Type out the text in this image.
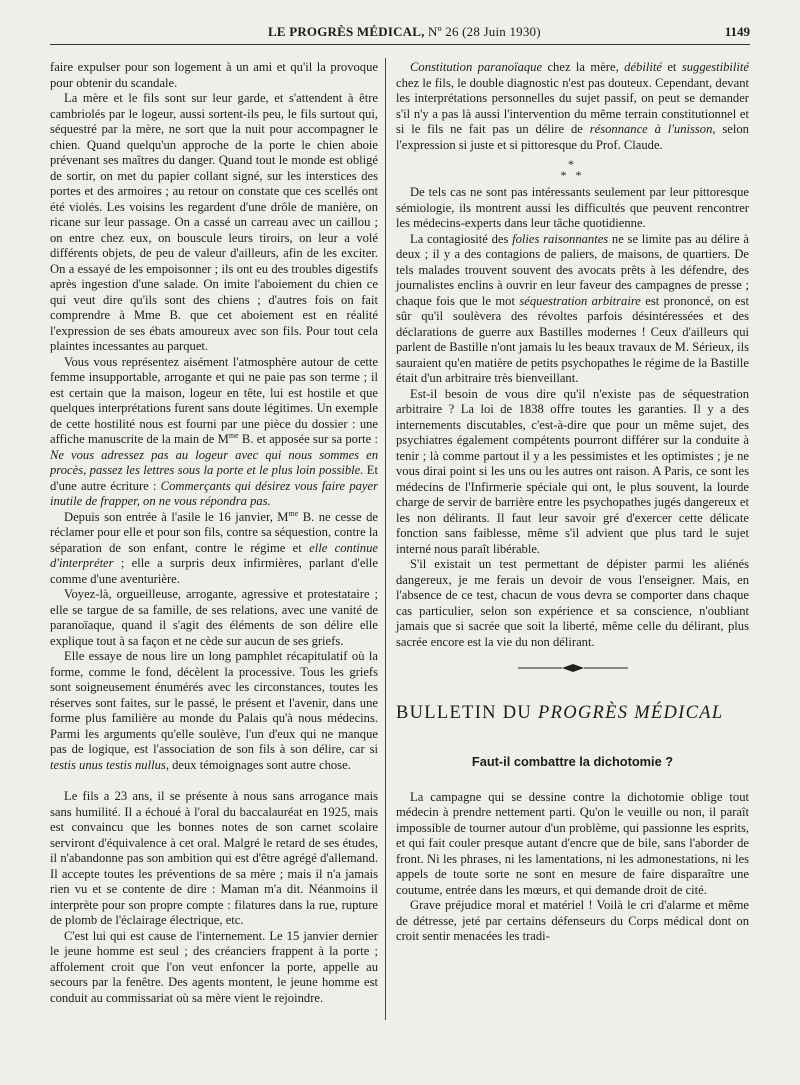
LE PROGRÈS MÉDICAL, Nº 26 (28 Juin 1930)	1149

faire expulser pour son logement à un ami et qu'il la provoque pour obtenir du scandale.

La mère et le fils sont sur leur garde, et s'attendent à être cambriolés par le logeur, aussi sortent-ils peu, le fils surtout qui, séquestré par la mère, ne sort que la nuit pour accompagner le chien. Quand quelqu'un approche de la porte le chien aboie prévenant ses maîtres du danger. Quand tout le monde est obligé de sortir, on met du papier collant signé, sur les interstices des portes et des armoires ; au retour on constate que ces scellés ont été violés. Les voisins les regardent d'une drôle de manière, on ricane sur leur passage. On a cassé un carreau avec un caillou ; on entre chez eux, on bouscule leurs tiroirs, on leur a volé différents objets, de peu de valeur d'ailleurs, afin de les exciter. On a essayé de les empoisonner ; ils ont eu des troubles digestifs après ingestion d'une salade. On imite l'aboiement du chien ce qui veut dire qu'ils sont des chiens ; d'autres fois on fait comprendre à Mme B. que cet aboiement est en réalité l'expression de ses ébats amoureux avec son fils. Pour tout cela plaintes incessantes au parquet.

Vous vous représentez aisément l'atmosphère autour de cette femme insupportable, arrogante et qui ne paie pas son terme ; il est certain que la maison, logeur en tête, lui est hostile et que quelques interprétations furent sans doute légitimes. Un exemple de cette hostilité nous est fourni par une pièce du dossier : une affiche manuscrite de la main de $M^{me}$ B. et apposée sur sa porte : Ne vous adressez pas au logeur avec qui nous sommes en procès, passez les lettres sous la porte et le plus loin possible. Et d'une autre écriture : Commerçants qui désirez vous faire payer inutile de frapper, on ne vous répondra pas.

Depuis son entrée à l'asile le 16 janvier, $M^{me}$ B. ne cesse de réclamer pour elle et pour son fils, contre sa séquestion, contre la séparation de son enfant, contre le régime et elle continue d'interpréter ; elle a surpris deux infirmières, parlant d'elle comme d'une aventurière.

Voyez-là, orgueilleuse, arrogante, agressive et protestataire ; elle se targue de sa famille, de ses relations, avec une vanité de paranoïaque, quand il s'agit des éléments de son délire elle explique tout à sa façon et ne cède sur aucun de ses griefs.

Elle essaye de nous lire un long pamphlet récapitulatif où la forme, comme le fond, décèlent la processive. Tous les griefs sont soigneusement énumérés avec les circonstances, toutes les réserves sont faites, sur le passé, le présent et l'avenir, dans une forme plus familière au monde du Palais qu'à nous médecins. Parmi les arguments qu'elle soulève, l'un d'eux qui ne manque pas de logique, est l'association de son fils à son délire, car si testis unus testis nullus, deux témoignages sont autre chose.

Le fils a 23 ans, il se présente à nous sans arrogance mais sans humilité. Il a échoué à l'oral du baccalauréat en 1925, mais est convaincu que les bonnes notes de son carnet scolaire serviront d'équivalence à cet oral. Malgré le retard de ses études, il n'abandonne pas son ambition qui est d'être agrégé d'allemand. Il accepte toutes les préventions de sa mère ; mais il n'a jamais rien vu et se contente de dire : Maman m'a dit. Néanmoins il interprète pour son propre compte : filatures dans la rue, rupture de plomb de l'éclairage électrique, etc.

C'est lui qui est cause de l'internement. Le 15 janvier dernier le jeune homme est seul ; des créanciers frappent à la porte ; affolement croit que l'on veut enfoncer la porte, appelle au secours par la fenêtre. Des agents montent, le jeune homme est conduit au commissariat où sa mère vient le rejoindre.

Constitution paranoïaque chez la mère, débilité et suggestibilité chez le fils, le double diagnostic n'est pas douteux. Cependant, devant les interprétations personnelles du sujet passif, on peut se demander s'il n'y a pas là aussi l'intervention du même terrain constitutionnel et si le fils ne fait pas un délire de résonnance à l'unisson, selon l'expression si juste et si pittoresque du Prof. Claude.

*
* *

De tels cas ne sont pas intéressants seulement par leur pittoresque sémiologie, ils montrent aussi les difficultés que peuvent rencontrer les médecins-experts dans leur tâche quotidienne.

La contagiosité des folies raisonnantes ne se limite pas au délire à deux ; il y a des contagions de paliers, de maisons, de quartiers. De tels malades trouvent souvent des avocats prêts à les défendre, des journalistes enclins à ouvrir en leur faveur des campagnes de presse ; chaque fois que le mot séquestration arbitraire est prononcé, on est sûr qu'il soulèvera des révoltes parfois désintéressées et des déclarations de guerre aux Bastilles modernes ! Ceux d'ailleurs qui parlent de Bastille n'ont jamais lu les beaux travaux de M. Sérieux, ils sauraient qu'en matière de petits psychopathes le régime de la Bastille était d'un arbitraire très bienveillant.

Est-il besoin de vous dire qu'il n'existe pas de séquestration arbitraire ? La loi de 1838 offre toutes les garanties. Il y a des internements discutables, c'est-à-dire que pour un même sujet, des psychiatres également compétents pourront différer sur la conduite à tenir ; là comme partout il y a les pessimistes et les optimistes ; je ne vous dirai point si les uns ou les autres ont raison. A Paris, ce sont les médecins de l'Infirmerie spéciale qui ont, le plus souvent, la lourde charge de servir de barrière entre les psychopathes jugés dangereux et les non délirants. Il faut leur savoir gré d'exercer cette délicate fonction sans faiblesse, même s'il advient que plus tard le sujet interné nous paraît libérable.

S'il existait un test permettant de dépister parmi les aliénés dangereux, je me ferais un devoir de vous l'enseigner. Mais, en l'absence de ce test, chacun de vous devra se comporter dans chaque cas particulier, selon son expérience et sa conscience, n'oubliant jamais que si sacrée que soit la liberté, même celle du délirant, plus sacrée encore est la vie du non délirant.

BULLETIN DU PROGRÈS MÉDICAL
Faut-il combattre la dichotomie ?

La campagne qui se dessine contre la dichotomie oblige tout médecin à prendre nettement parti. Qu'on le veuille ou non, il paraît impossible de tourner autour d'un problème, qui passionne les esprits, et qui fait couler presque autant d'encre que de bile, sans l'aborder de front. Ni les phrases, ni les lamentations, ni les admonestations, ni les appels de toute sorte ne sont en mesure de faire disparaître une coutume, entrée dans les mœurs, et qui demande droit de cité.

Grave préjudice moral et matériel ! Voilà le cri d'alarme et même de détresse, jeté par certains défenseurs du Corps médical dont on croit sentir menacées les tradi-
